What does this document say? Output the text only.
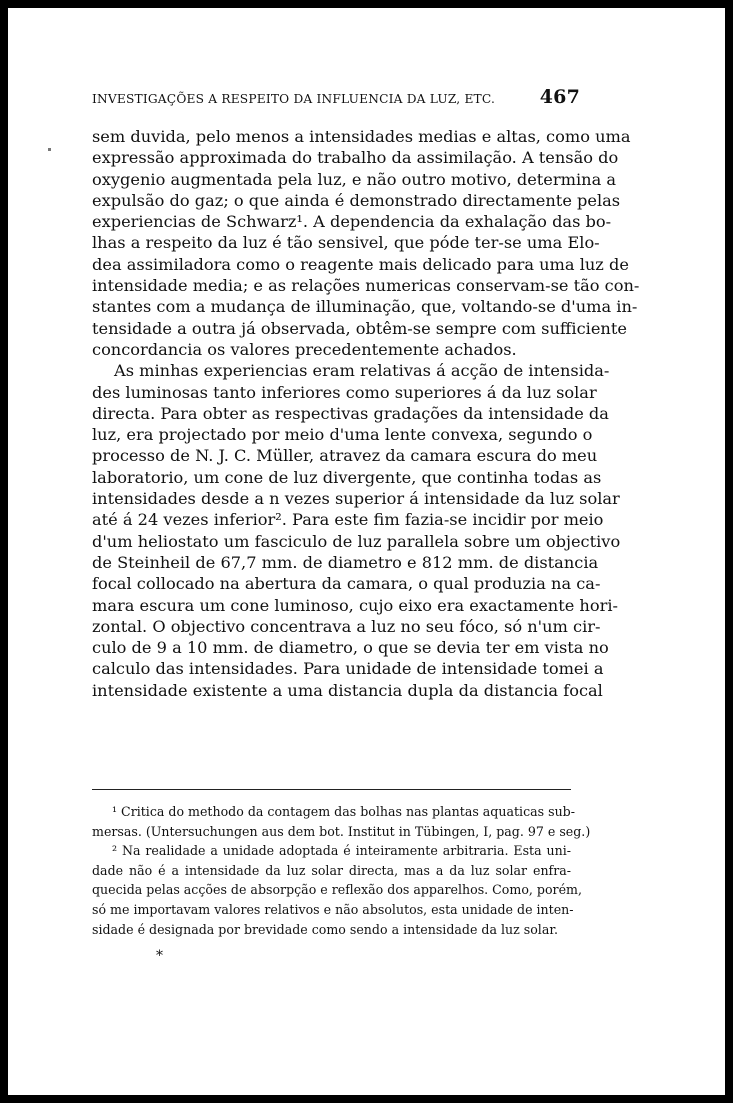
INVESTIGAÇÕES A RESPEITO DA INFLUENCIA DA LUZ, ETC. 467
sem duvida, pelo menos a intensidades medias e altas, como uma
expressão approximada do trabalho da assimilação. A tensão do
oxygenio augmentada pela luz, e não outro motivo, determina a
expulsão do gaz; o que ainda é demonstrado directamente pelas
experiencias de Schwarz¹. A dependencia da exhalação das bo-
lhas a respeito da luz é tão sensivel, que póde ter-se uma Elo-
dea assimiladora como o reagente mais delicado para uma luz de
intensidade media; e as relações numericas conservam-se tão con-
stantes com a mudança de illuminação, que, voltando-se d'uma in-
tensidade a outra já observada, obtêm-se sempre com sufficiente
concordancia os valores precedentemente achados.
As minhas experiencias eram relativas á acção de intensida-
des luminosas tanto inferiores como superiores á da luz solar
directa. Para obter as respectivas gradações da intensidade da
luz, era projectado por meio d'uma lente convexa, segundo o
processo de N. J. C. Müller, atravez da camara escura do meu
laboratorio, um cone de luz divergente, que continha todas as
intensidades desde a n vezes superior á intensidade da luz solar
até á 24 vezes inferior². Para este fim fazia-se incidir por meio
d'um heliostato um fasciculo de luz parallela sobre um objectivo
de Steinheil de 67,7 mm. de diametro e 812 mm. de distancia
focal collocado na abertura da camara, o qual produzia na ca-
mara escura um cone luminoso, cujo eixo era exactamente hori-
zontal. O objectivo concentrava a luz no seu fóco, só n'um cir-
culo de 9 a 10 mm. de diametro, o que se devia ter em vista no
calculo das intensidades. Para unidade de intensidade tomei a
intensidade existente a uma distancia dupla da distancia focal
¹ Critica do methodo da contagem das bolhas nas plantas aquaticas sub-
mersas. (Untersuchungen aus dem bot. Institut in Tübingen, I, pag. 97 e seg.)
² Na realidade a unidade adoptada é inteiramente arbitraria. Esta uni-
dade não é a intensidade da luz solar directa, mas a da luz solar enfra-
quecida pelas acções de absorpção e reflexão dos apparelhos. Como, porém,
só me importavam valores relativos e não absolutos, esta unidade de inten-
sidade é designada por brevidade como sendo a intensidade da luz solar.
*
